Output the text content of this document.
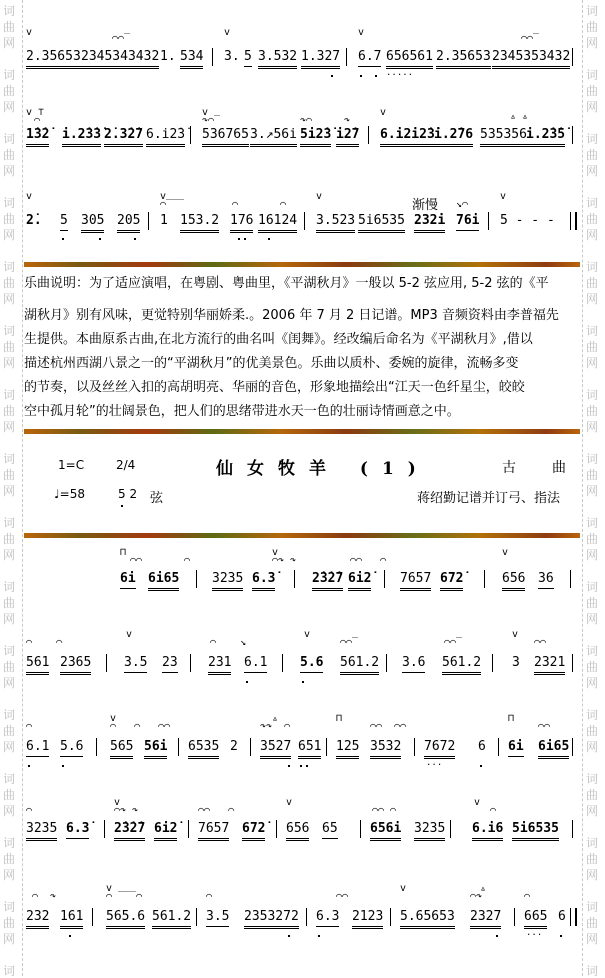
词
曲
网
词
曲
网
词
曲
网
词
曲
网
词
曲
网
词
曲
网
词
曲
网
词
曲
网
词
曲
网
词
曲
网
词
曲
网
词
曲
网
词
曲
网
词
曲
网
词
曲
网
词
词
曲
网
词
曲
网
词
曲
网
词
曲
网
词
曲
网
词
曲
网
词
曲
网
词
曲
网
词
曲
网
词
曲
网
词
曲
网
词
曲
网
词
曲
网
词
曲
网
词
曲
网
词
v
⌒⌒‾
v	v
⌒⌒‾
2.35653 2345343432 1. 534 3. 5 3.532 1.327 6.7 656561
.....
2.35653 2345353432
v ⊤
⌒
1̇3̇2̇ i.2̇3̇3̇ 2̇.3̇2̇7 6.i2̇3̇
v
↷⌒‾
536765 3.↗56i
↷⌒
5i2̇3̇
↷
i2̇7
v
6.i2̇i2̇3̇ i.2̇76
▵ ▵
535356 i.2̇3̇5̇
v
2̇. 5 305 205
v
⌒‾‾‾
1 153.2
⌒
176
⌒
16124
v
3.523 5i6535
渐慢
232̇i
↘⌒
76i
v
5 - - -
乐曲说明：为了适应演唱，在粤剧、粤曲里，《平湖秋月》一般以 5-2 弦应用, 5-2 弦的《平
湖秋月》别有风味，更觉特别华丽娇柔.。2006 年 7 月 2 日记谱。MP3 音频资料由李普福先
生提供。本曲原系古曲,在北方流行的曲名叫《闺舞》。经改编后命名为《平湖秋月》,借以
描述杭州西湖八景之一的“平湖秋月”的优美景色。乐曲以质朴、委婉的旋律，流畅多变
的节奏，以及丝丝入扣的高胡明亮、华丽的音色，形象地描绘出“江天一色纤星尘，皎皎
空中孤月轮”的壮阔景色，把人们的思绪带进水天一色的壮丽诗情画意之中。
1=C	2/4	仙女牧羊 (1)	古	曲
♩=58	5 2 弦	蒋绍勤记谱并订弓、指法
⊓
⌒⌒	⌒
v
⌒↷ ↷	⌒⌒   ⌒
v
6i 6i65	3235 6.3̇	2̇3̇2̇7 6i2̇ 7657 672̇	656 36
⌒    ⌒
v
⌒    ↘
v
⌒⌒‾	⌒⌒‾
v
⌒⌒
561 2365	3.5 23 231 6.1	5.6 561.2 3.6 561.2 3 2321
⌒
v
⌒   ⌒   ⌒⌒
▵
↷↷  ⌒
⊓
⌒⌒  ⌒⌒
⊓
⌒⌒
6.1 5.6 565 56i 6535 2 3527 651 125 3532 7672
...
6 6i 6i65
⌒
v
⌒↷ ↷	⌒⌒   ⌒
v
⌒⌒ ⌒
v
⌒
3235 6.3̇ 2̇3̇2̇7 6i2̇ 7657 672̇ 656 65 656i 3235 6.i6 5i6535
⌒  ↷
v
⌒ ‾‾‾⌒	⌒	⌒⌒
v	▵
⌒↷	⌒
232 161 565.6 561.2 3.5 2353272 6.3 2123 5.65653 2327 665
...
6
